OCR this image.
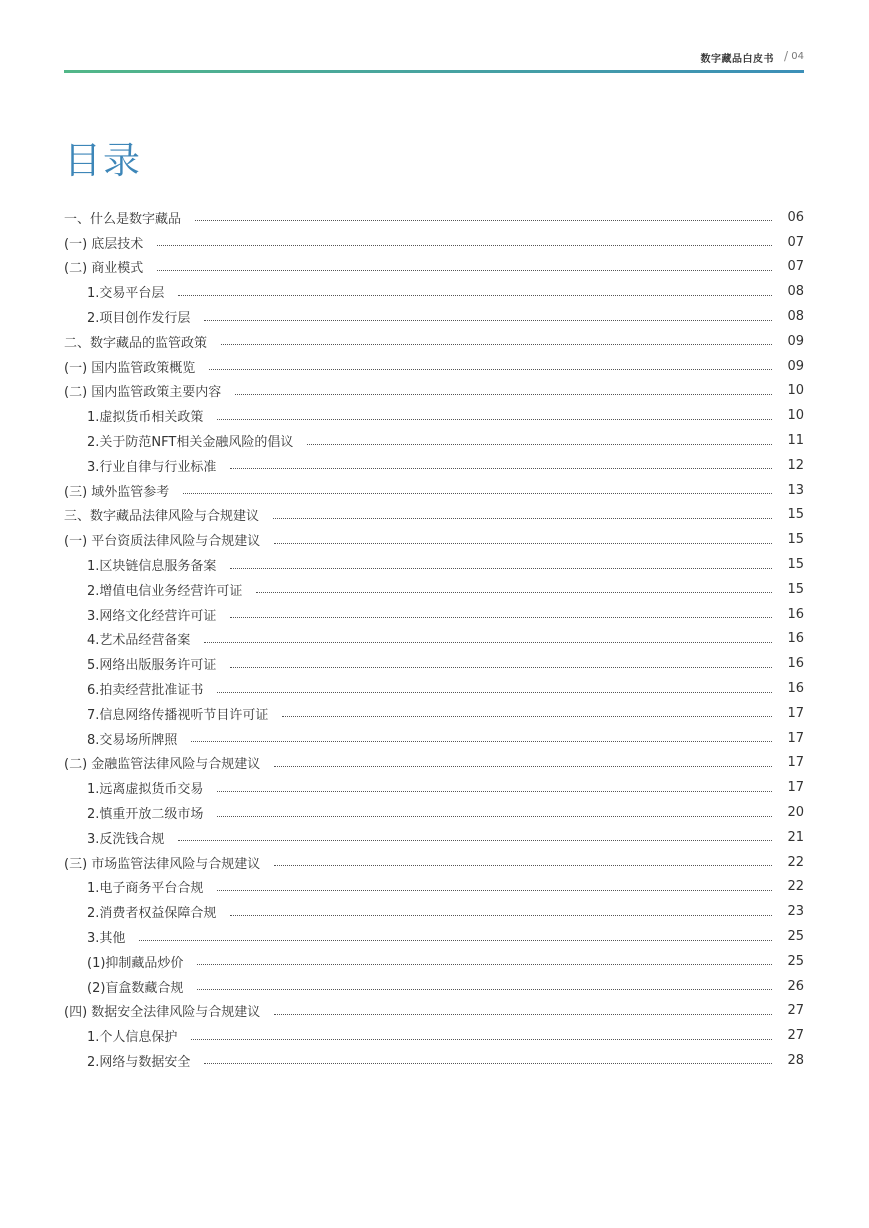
数字藏品白皮书 / 04
目录
一、什么是数字藏品	06
(一) 底层技术	07
(二) 商业模式	07
1.交易平台层	08
2.项目创作发行层	08
二、数字藏品的监管政策	09
(一) 国内监管政策概览	09
(二) 国内监管政策主要内容	10
1.虚拟货币相关政策	10
2.关于防范NFT相关金融风险的倡议	11
3.行业自律与行业标准	12
(三) 域外监管参考	13
三、数字藏品法律风险与合规建议	15
(一) 平台资质法律风险与合规建议	15
1.区块链信息服务备案	15
2.增值电信业务经营许可证	15
3.网络文化经营许可证	16
4.艺术品经营备案	16
5.网络出版服务许可证	16
6.拍卖经营批准证书	16
7.信息网络传播视听节目许可证	17
8.交易场所牌照	17
(二) 金融监管法律风险与合规建议	17
1.远离虚拟货币交易	17
2.慎重开放二级市场	20
3.反洗钱合规	21
(三) 市场监管法律风险与合规建议	22
1.电子商务平台合规	22
2.消费者权益保障合规	23
3.其他	25
(1)抑制藏品炒价	25
(2)盲盒数藏合规	26
(四) 数据安全法律风险与合规建议	27
1.个人信息保护	27
2.网络与数据安全	28
